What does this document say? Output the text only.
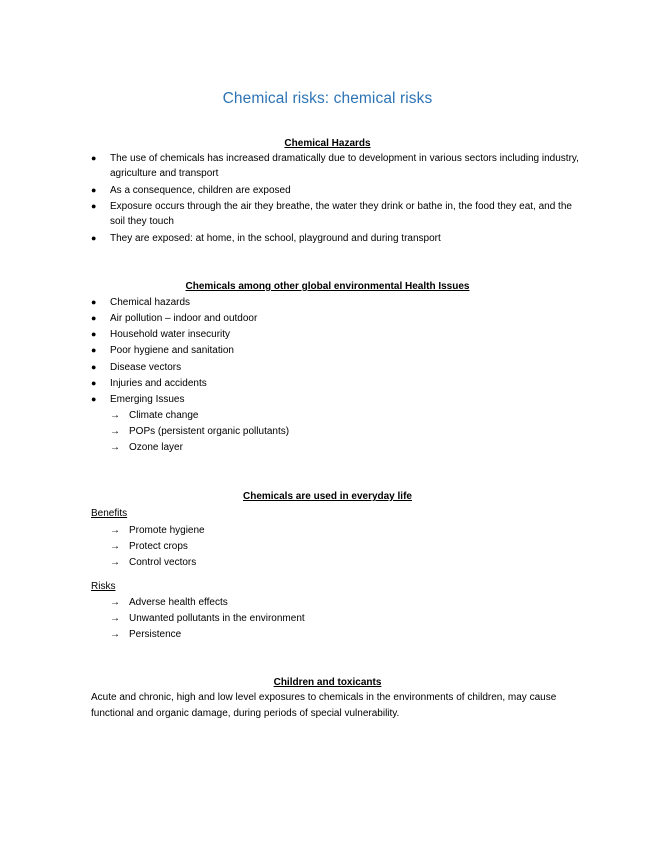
Chemical risks: chemical risks
Chemical Hazards
● The use of chemicals has increased dramatically due to development in various sectors including industry, agriculture and transport
● As a consequence, children are exposed
● Exposure occurs through the air they breathe, the water they drink or bathe in, the food they eat, and the soil they touch
● They are exposed: at home, in the school, playground and during transport
Chemicals among other global environmental Health Issues
● Chemical hazards
● Air pollution – indoor and outdoor
● Household water insecurity
● Poor hygiene and sanitation
● Disease vectors
● Injuries and accidents
● Emerging Issues
→ Climate change
→ POPs (persistent organic pollutants)
→ Ozone layer
Chemicals are used in everyday life
Benefits
→ Promote hygiene
→ Protect crops
→ Control vectors
Risks
→ Adverse health effects
→ Unwanted pollutants in the environment
→ Persistence
Children and toxicants
Acute and chronic, high and low level exposures to chemicals in the environments of children, may cause functional and organic damage, during periods of special vulnerability.
